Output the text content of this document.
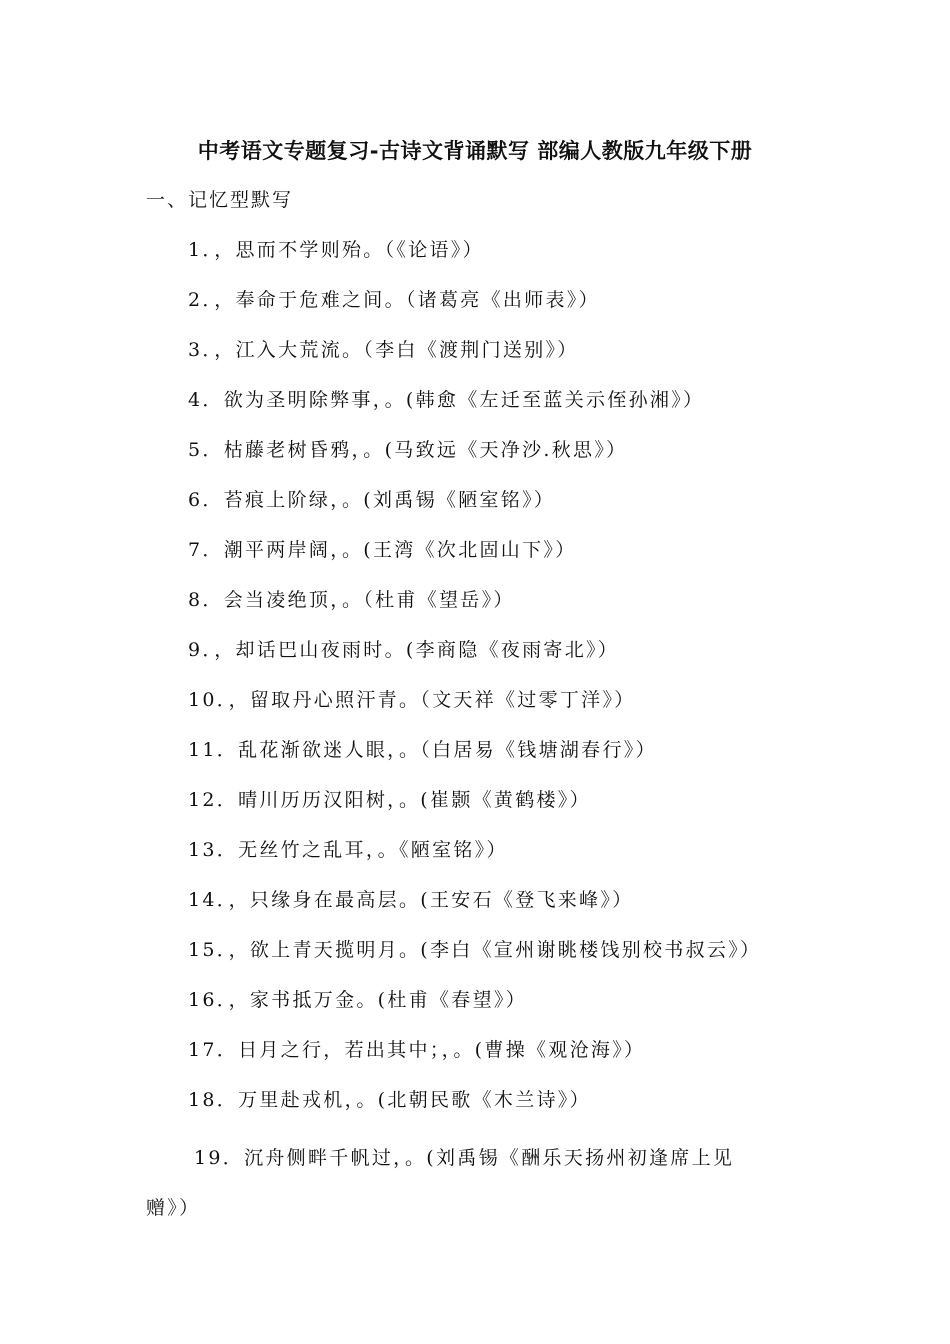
中考语文专题复习-古诗文背诵默写 部编人教版九年级下册
一、记忆型默写
1．，思而不学则殆。（《论语》）
2．，奉命于危难之间。（诸葛亮《出师表》）
3．，江入大荒流。（李白《渡荆门送别》）
4．欲为圣明除弊事，。(韩愈《左迁至蓝关示侄孙湘》）
5．枯藤老树昏鸦，。(马致远《天净沙.秋思》）
6．苔痕上阶绿，。(刘禹锡《陋室铭》）
7．潮平两岸阔，。(王湾《次北固山下》）
8．会当凌绝顶，。（杜甫《望岳》）
9．，却话巴山夜雨时。(李商隐《夜雨寄北》）
10．，留取丹心照汗青。（文天祥《过零丁洋》）
11．乱花渐欲迷人眼，。（白居易《钱塘湖春行》）
12．晴川历历汉阳树，。(崔颢《黄鹤楼》）
13．无丝竹之乱耳，。《陋室铭》）
14．，只缘身在最高层。(王安石《登飞来峰》）
15．，欲上青天揽明月。(李白《宣州谢眺楼饯别校书叔云》）
16．，家书抵万金。(杜甫《春望》）
17．日月之行，若出其中；，。(曹操《观沧海》）
18．万里赴戎机，。(北朝民歌《木兰诗》）
19．沉舟侧畔千帆过，。(刘禹锡《酬乐天扬州初逢席上见
赠》）
